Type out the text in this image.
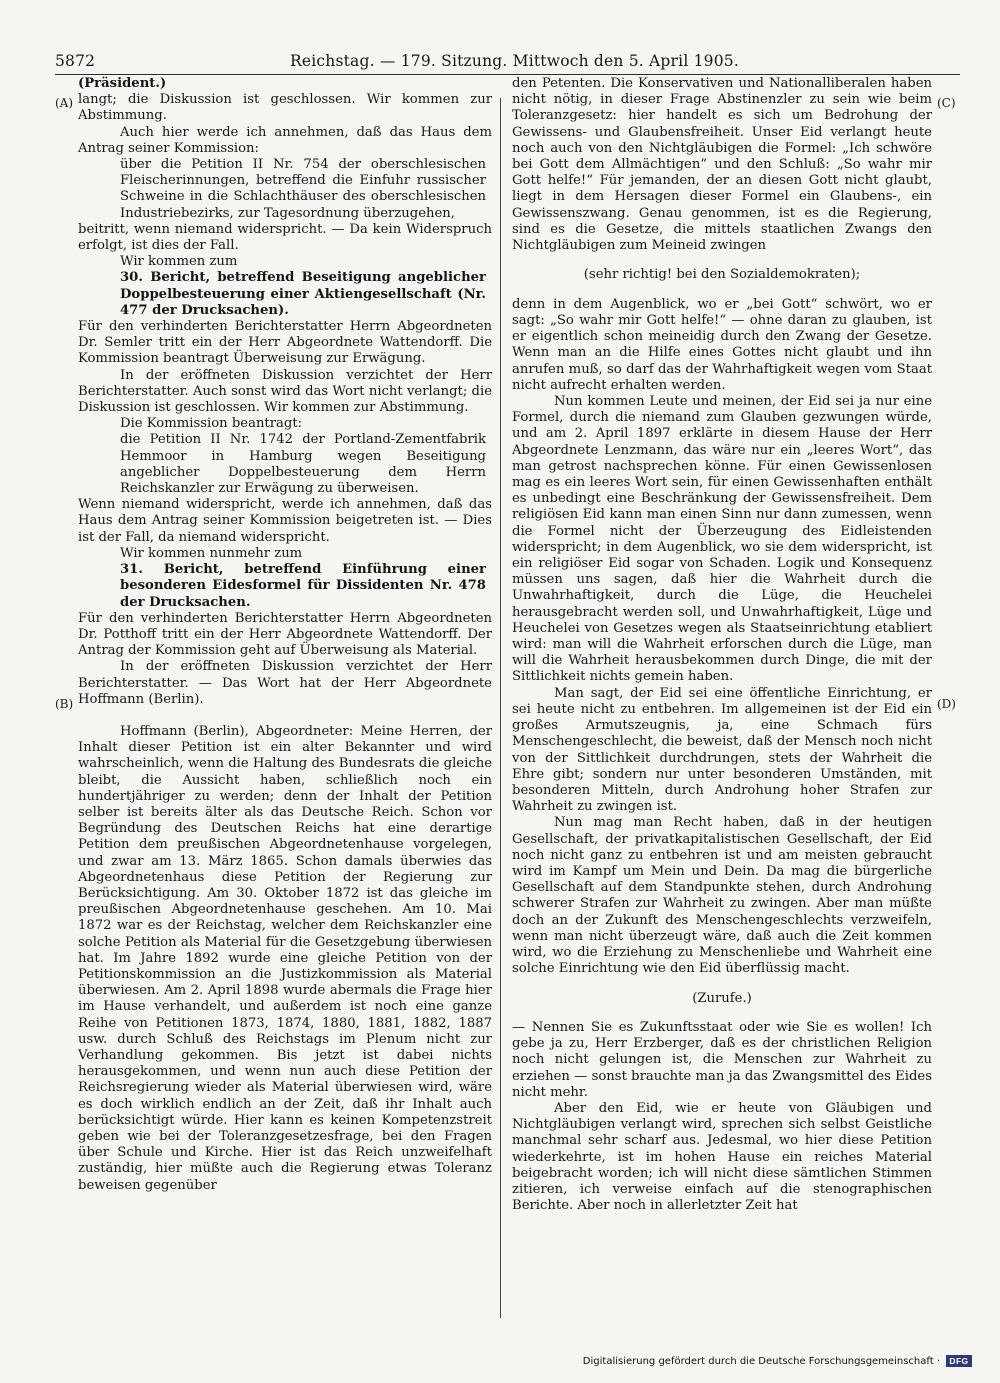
5872	Reichstag. — 179. Sitzung. Mittwoch den 5. April 1905.
(A)
(B)
(C)
(D)

(Präsident.)

langt; die Diskussion ist geschlossen. Wir kommen zur Abstimmung.

Auch hier werde ich annehmen, daß das Haus dem Antrag seiner Kommission:

über die Petition II Nr. 754 der oberschlesischen Fleischerinnungen, betreffend die Einfuhr russischer Schweine in die Schlachthäuser des oberschlesischen Industriebezirks, zur Tagesordnung überzugehen,

beitritt, wenn niemand widerspricht. — Da kein Widerspruch erfolgt, ist dies der Fall.

Wir kommen zum

30. Bericht, betreffend Beseitigung angeblicher Doppelbesteuerung einer Aktiengesellschaft (Nr. 477 der Drucksachen).

Für den verhinderten Berichterstatter Herrn Abgeordneten Dr. Semler tritt ein der Herr Abgeordnete Wattendorff. Die Kommission beantragt Überweisung zur Erwägung.

In der eröffneten Diskussion verzichtet der Herr Berichterstatter. Auch sonst wird das Wort nicht verlangt; die Diskussion ist geschlossen. Wir kommen zur Abstimmung.

Die Kommission beantragt:

die Petition II Nr. 1742 der Portland-Zementfabrik Hemmoor in Hamburg wegen Beseitigung angeblicher Doppelbesteuerung dem Herrn Reichskanzler zur Erwägung zu überweisen.

Wenn niemand widerspricht, werde ich annehmen, daß das Haus dem Antrag seiner Kommission beigetreten ist. — Dies ist der Fall, da niemand widerspricht.

Wir kommen nunmehr zum

31. Bericht, betreffend Einführung einer besonderen Eidesformel für Dissidenten Nr. 478 der Drucksachen.

Für den verhinderten Berichterstatter Herrn Abgeordneten Dr. Potthoff tritt ein der Herr Abgeordnete Wattendorff. Der Antrag der Kommission geht auf Überweisung als Material.

In der eröffneten Diskussion verzichtet der Herr Berichterstatter. — Das Wort hat der Herr Abgeordnete Hoffmann (Berlin).

Hoffmann (Berlin), Abgeordneter: Meine Herren, der Inhalt dieser Petition ist ein alter Bekannter und wird wahrscheinlich, wenn die Haltung des Bundesrats die gleiche bleibt, die Aussicht haben, schließlich noch ein hundertjähriger zu werden; denn der Inhalt der Petition selber ist bereits älter als das Deutsche Reich. Schon vor Begründung des Deutschen Reichs hat eine derartige Petition dem preußischen Abgeordnetenhause vorgelegen, und zwar am 13. März 1865. Schon damals überwies das Abgeordnetenhaus diese Petition der Regierung zur Berücksichtigung. Am 30. Oktober 1872 ist das gleiche im preußischen Abgeordnetenhause geschehen. Am 10. Mai 1872 war es der Reichstag, welcher dem Reichskanzler eine solche Petition als Material für die Gesetzgebung überwiesen hat. Im Jahre 1892 wurde eine gleiche Petition von der Petitionskommission an die Justizkommission als Material überwiesen. Am 2. April 1898 wurde abermals die Frage hier im Hause verhandelt, und außerdem ist noch eine ganze Reihe von Petitionen 1873, 1874, 1880, 1881, 1882, 1887 usw. durch Schluß des Reichstags im Plenum nicht zur Verhandlung gekommen. Bis jetzt ist dabei nichts herausgekommen, und wenn nun auch diese Petition der Reichsregierung wieder als Material überwiesen wird, wäre es doch wirklich endlich an der Zeit, daß ihr Inhalt auch berücksichtigt würde. Hier kann es keinen Kompetenzstreit geben wie bei der Toleranzgesetzesfrage, bei den Fragen über Schule und Kirche. Hier ist das Reich unzweifelhaft zuständig, hier müßte auch die Regierung etwas Toleranz beweisen gegenüber

den Petenten. Die Konservativen und Nationalliberalen haben nicht nötig, in dieser Frage Abstinenzler zu sein wie beim Toleranzgesetz: hier handelt es sich um Bedrohung der Gewissens- und Glaubensfreiheit. Unser Eid verlangt heute noch auch von den Nichtgläubigen die Formel: „Ich schwöre bei Gott dem Allmächtigen“ und den Schluß: „So wahr mir Gott helfe!“ Für jemanden, der an diesen Gott nicht glaubt, liegt in dem Hersagen dieser Formel ein Glaubens-, ein Gewissenszwang. Genau genommen, ist es die Regierung, sind es die Gesetze, die mittels staatlichen Zwangs den Nichtgläubigen zum Meineid zwingen

(sehr richtig! bei den Sozialdemokraten);

denn in dem Augenblick, wo er „bei Gott“ schwört, wo er sagt: „So wahr mir Gott helfe!“ — ohne daran zu glauben, ist er eigentlich schon meineidig durch den Zwang der Gesetze. Wenn man an die Hilfe eines Gottes nicht glaubt und ihn anrufen muß, so darf das der Wahrhaftigkeit wegen vom Staat nicht aufrecht erhalten werden.

Nun kommen Leute und meinen, der Eid sei ja nur eine Formel, durch die niemand zum Glauben gezwungen würde, und am 2. April 1897 erklärte in diesem Hause der Herr Abgeordnete Lenzmann, das wäre nur ein „leeres Wort“, das man getrost nachsprechen könne. Für einen Gewissenlosen mag es ein leeres Wort sein, für einen Gewissenhaften enthält es unbedingt eine Beschränkung der Gewissensfreiheit. Dem religiösen Eid kann man einen Sinn nur dann zumessen, wenn die Formel nicht der Überzeugung des Eidleistenden widerspricht; in dem Augenblick, wo sie dem widerspricht, ist ein religiöser Eid sogar von Schaden. Logik und Konsequenz müssen uns sagen, daß hier die Wahrheit durch die Unwahrhaftigkeit, durch die Lüge, die Heuchelei herausgebracht werden soll, und Unwahrhaftigkeit, Lüge und Heuchelei von Gesetzes wegen als Staatseinrichtung etabliert wird: man will die Wahrheit erforschen durch die Lüge, man will die Wahrheit herausbekommen durch Dinge, die mit der Sittlichkeit nichts gemein haben.

Man sagt, der Eid sei eine öffentliche Einrichtung, er sei heute nicht zu entbehren. Im allgemeinen ist der Eid ein großes Armutszeugnis, ja, eine Schmach fürs Menschengeschlecht, die beweist, daß der Mensch noch nicht von der Sittlichkeit durchdrungen, stets der Wahrheit die Ehre gibt; sondern nur unter besonderen Umständen, mit besonderen Mitteln, durch Androhung hoher Strafen zur Wahrheit zu zwingen ist.

Nun mag man Recht haben, daß in der heutigen Gesellschaft, der privatkapitalistischen Gesellschaft, der Eid noch nicht ganz zu entbehren ist und am meisten gebraucht wird im Kampf um Mein und Dein. Da mag die bürgerliche Gesellschaft auf dem Standpunkte stehen, durch Androhung schwerer Strafen zur Wahrheit zu zwingen. Aber man müßte doch an der Zukunft des Menschengeschlechts verzweifeln, wenn man nicht überzeugt wäre, daß auch die Zeit kommen wird, wo die Erziehung zu Menschenliebe und Wahrheit eine solche Einrichtung wie den Eid überflüssig macht.

(Zurufe.)

— Nennen Sie es Zukunftsstaat oder wie Sie es wollen! Ich gebe ja zu, Herr Erzberger, daß es der christlichen Religion noch nicht gelungen ist, die Menschen zur Wahrheit zu erziehen — sonst brauchte man ja das Zwangsmittel des Eides nicht mehr.

Aber den Eid, wie er heute von Gläubigen und Nichtgläubigen verlangt wird, sprechen sich selbst Geistliche manchmal sehr scharf aus. Jedesmal, wo hier diese Petition wiederkehrte, ist im hohen Hause ein reiches Material beigebracht worden; ich will nicht diese sämtlichen Stimmen zitieren, ich verweise einfach auf die stenographischen Berichte. Aber noch in allerletzter Zeit hat

Digitalisierung gefördert durch die Deutsche Forschungsgemeinschaft ·	DFG
